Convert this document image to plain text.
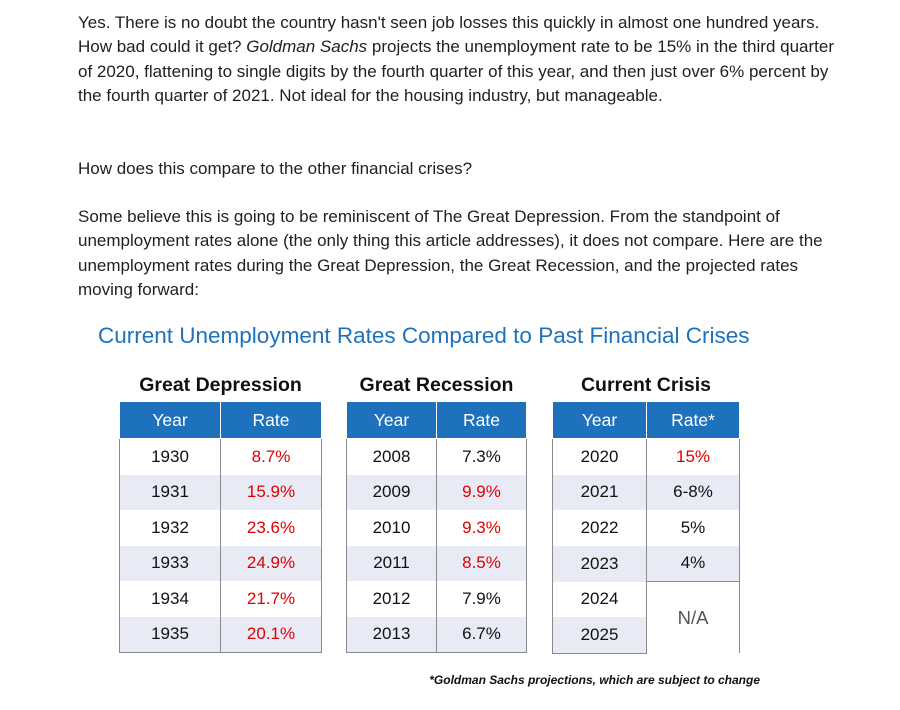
Yes. There is no doubt the country hasn't seen job losses this quickly in almost one hundred years. How bad could it get? Goldman Sachs projects the unemployment rate to be 15% in the third quarter of 2020, flattening to single digits by the fourth quarter of this year, and then just over 6% percent by the fourth quarter of 2021. Not ideal for the housing industry, but manageable.

How does this compare to the other financial crises?

Some believe this is going to be reminiscent of The Great Depression. From the standpoint of unemployment rates alone (the only thing this article addresses), it does not compare. Here are the unemployment rates during the Great Depression, the Great Recession, and the projected rates moving forward:

Current Unemployment Rates Compared to Past Financial Crises
Great Depression
Year	Rate
1930	8.7%
1931	15.9%
1932	23.6%
1933	24.9%
1934	21.7%
1935	20.1%
Great Recession
Year	Rate
2008	7.3%
2009	9.9%
2010	9.3%
2011	8.5%
2012	7.9%
2013	6.7%
Current Crisis
Year	Rate*
2020	15%
2021	6-8%
2022	5%
2023	4%
2024	N/A
2025	
*Goldman Sachs projections, which are subject to change
